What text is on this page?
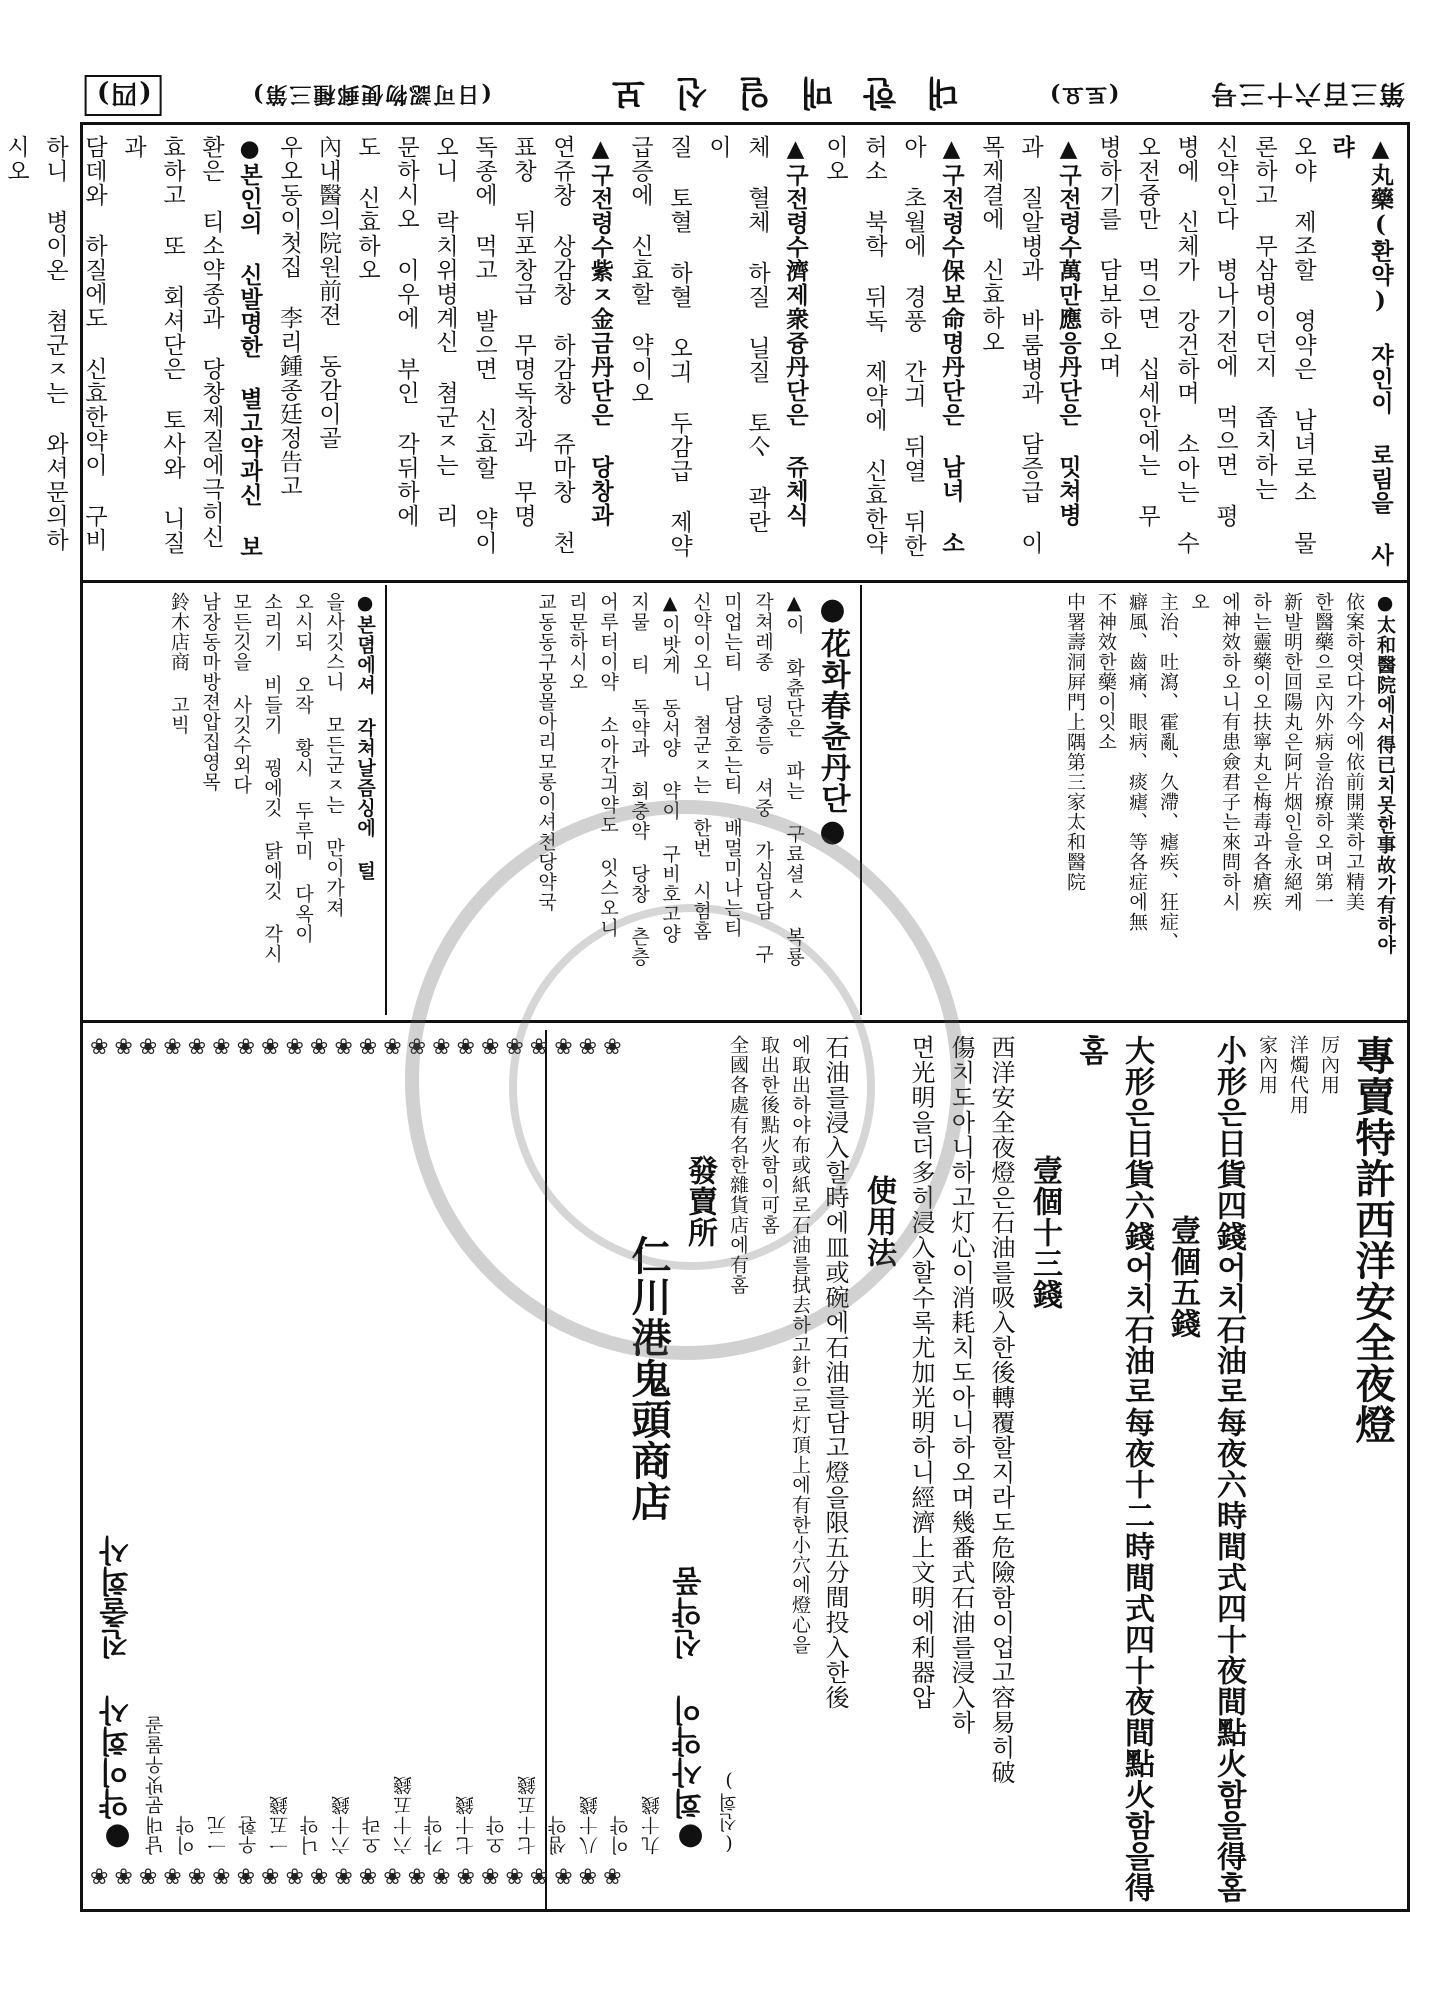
(四)	(日可認物便郵種三第)	대한매일신보	(토요)	第三百六十三号

▲丸藥(환약) 쟈인이 로림을 사랴

오야 제조할 영약은 남녀로소 물

론하고 무삼병이던지 좁치하는

신약인다 병나기전에 먹으면 평

병에 신체가 강건하며 소아는 수

오전즁만 먹으면 십세안에는 무

병하기를 담보하오며

▲구전령수萬만應응丹단은 밋쳐병

과 질알병과 바룸병과 담증급 이

목제결에 신효하오

▲구전령수保보命명丹단은 남녀 소

아 초월에 경풍 간긔 뒤열 뒤한

허소 북학 뒤독 제약에 신효한약

이오

▲구전령수濟제衆즁丹단은 쥬체식

체 혈체 하질 닐질 토亽 곽란 이

질 토혈 하혈 오긔 두감급 제약

급증에 신효할 약이오

▲구전령수紫ㅈ金금丹단은 당창과

연쥬창 상감창 하감창 쥬마창 천

표창 뒤포창급 무명독창과 무명

독종에 먹고 발으면 신효할 약이

오니 락치위병계신 쳠군ㅈ는 리

문하시오 이우에 부인 각뒤하에

도 신효하오

內내醫의院원前젼 동감이골

우오동이첫집 李리鍾종廷정告고

●본인의 신발명한 별고약과신 보

환은 티소약종과 당창제질에극히신

효하고 또 회셔단은 토사와 니질과

담데와 하질에도 신효한약이 구비

하니 병이온 쳠군ㅈ는 와셔문의하

시오

●太和醫院에서得已치못한事故가有하야

依案하엿다가今에依前開業하고精美

한醫藥으로內外病을治療하오며第一

新발明한回陽丸은阿片烟인을永絕케

하는靈藥이오扶寧丸은梅毒과各瘡疾

에神效하오니有患僉君子는來問하시

오

主治、吐瀉、霍亂、久滯、瘧疾、狂症、

癖風、齒痛、眼病、痰瘧、等各症에無

不神效한藥이잇소

中署壽洞屛門上隅第三家太和醫院

●花화春츈丹단●

▲이 화츈단은 파는 구료셜ㅅ 복룡

각쳐레종 덩충등 셔중 가심담담 구

미업는티 담셩호는티 배멀미나는티

신약이오니 쳠군ㅈ는 한번 시험홈

▲이밧게 동서양 약이 구비호고양

지물 티 독약과 회충약 당창 츤층

어루터이약 소아간긔약도 잇스오니

리문하시오

교동동구몽몰아리모롱이셔천당약국

●본뎜에셔 각쳐날즘싱에 털

을사깃스니 모든군ㅈ는 만이가져

오시되 오작 황시 두루미 다옥이

소리기 비들기 꿩에깃 닭에깃 각시

모든깃을 사깃수외다

남장동마방젼압집영목

鈴木店商 고빅

專賣特許西洋安全夜燈

厉內用

洋燭代用

家內用

小形은日貨四錢어치石油로每夜六時間式四十夜間點火함을得홈

壹個五錢

大形은日貨六錢어치石油로每夜十二時間式四十夜間點火함을得홈

壹個十三錢

西洋安全夜燈은石油를吸入한後轉覆할지라도危險함이업고容易히破

傷치도아니하고灯心이消耗치도아니하오며幾番式石油를浸入하

면光明을더多히浸入할수록尤加光明하니經濟上文明에利器압

使用法

石油를浸入할時에皿或碗에石油를담고燈을限五分間投入한後

에取出하야布或紙로石油를拭去하고針으로灯頂上에有한小穴에燈心을

取出한後點火함이可홈

全國各處有名한雜貨店에有홈

發賣所

仁川港鬼頭商店

❀❀❀❀❀❀❀❀❀❀❀❀❀❀❀❀❀❀❀❀❀❀

●약이회사 진출회사 남대문밧우물골 이약 一元 우환 一五錢 니약 六十錢 오랴 六十五錢 가약 七十錢 오약 七十五錢 샘약 八十錢 이약 九十錢 ●회사약이 신약품 (신회)

❀❀❀❀❀❀❀❀❀❀❀❀❀❀❀❀❀❀❀❀❀❀
